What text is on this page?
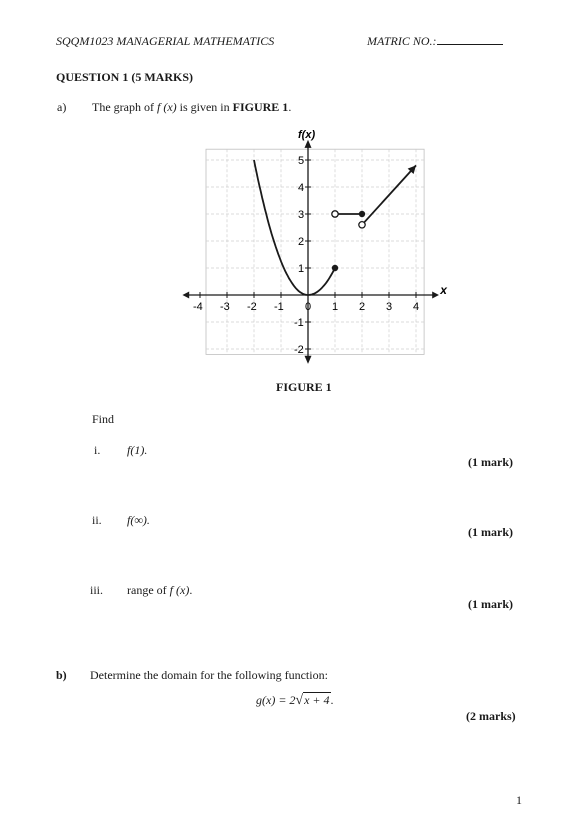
SQQM1023 MANAGERIAL MATHEMATICS	MATRIC NO.:
QUESTION 1 (5 MARKS)
a) The graph of f (x) is given in FIGURE 1.
-4 -3 -2 -1 0 1 2 3 4
1
2
3
4
5
-1
-2
f(x)
x
FIGURE 1
Find
i. f(1).
(1 mark)
ii. f(∞).
(1 mark)
iii. range of f (x).
(1 mark)
b) Determine the domain for the following function:
g(x) = 2√x + 4.
(2 marks)
1
